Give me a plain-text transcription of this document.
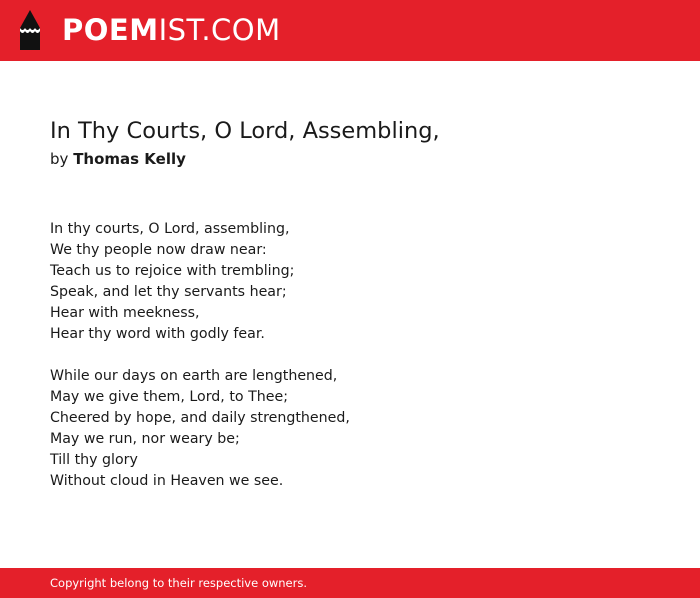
POEMIST.COM
In Thy Courts, O Lord, Assembling,
by Thomas Kelly
In thy courts, O Lord, assembling,
We thy people now draw near:
Teach us to rejoice with trembling;
Speak, and let thy servants hear;
Hear with meekness,
Hear thy word with godly fear.
While our days on earth are lengthened,
May we give them, Lord, to Thee;
Cheered by hope, and daily strengthened,
May we run, nor weary be;
Till thy glory
Without cloud in Heaven we see.
Copyright belong to their respective owners.
